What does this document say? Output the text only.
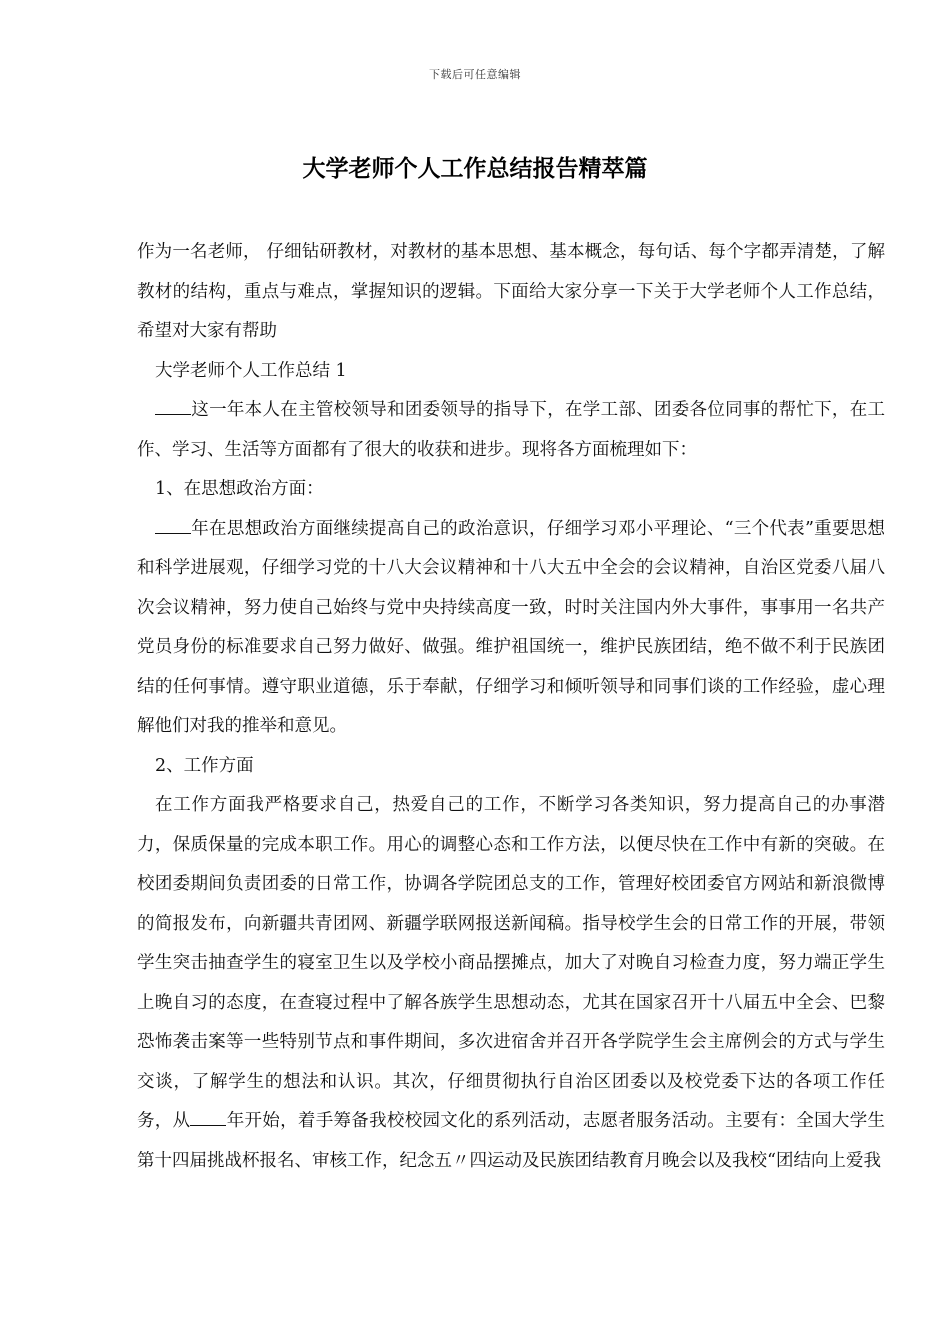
下载后可任意编辑
大学老师个人工作总结报告精萃篇

作为一名老师， 仔细钻研教材，对教材的基本思想、基本概念，每句话、每个字都弄清楚，了解教材的结构，重点与难点，掌握知识的逻辑。下面给大家分享一下关于大学老师个人工作总结，希望对大家有帮助

大学老师个人工作总结 1

这一年本人在主管校领导和团委领导的指导下，在学工部、团委各位同事的帮忙下，在工作、学习、生活等方面都有了很大的收获和进步。现将各方面梳理如下：

1、在思想政治方面：

年在思想政治方面继续提高自己的政治意识，仔细学习邓小平理论、“三个代表”重要思想和科学进展观，仔细学习党的十八大会议精神和十八大五中全会的会议精神，自治区党委八届八次会议精神，努力使自己始终与党中央持续高度一致，时时关注国内外大事件，事事用一名共产党员身份的标准要求自己努力做好、做强。维护祖国统一，维护民族团结，绝不做不利于民族团结的任何事情。遵守职业道德，乐于奉献，仔细学习和倾听领导和同事们谈的工作经验，虚心理解他们对我的推举和意见。

2、工作方面

在工作方面我严格要求自己，热爱自己的工作，不断学习各类知识，努力提高自己的办事潜力，保质保量的完成本职工作。用心的调整心态和工作方法，以便尽快在工作中有新的突破。在校团委期间负责团委的日常工作，协调各学院团总支的工作，管理好校团委官方网站和新浪微博的简报发布，向新疆共青团网、新疆学联网报送新闻稿。指导校学生会的日常工作的开展，带领学生突击抽查学生的寝室卫生以及学校小商品摆摊点，加大了对晚自习检查力度，努力端正学生上晚自习的态度，在查寝过程中了解各族学生思想动态，尤其在国家召开十八届五中全会、巴黎恐怖袭击案等一些特别节点和事件期间，多次进宿舍并召开各学院学生会主席例会的方式与学生交谈，了解学生的想法和认识。其次，仔细贯彻执行自治区团委以及校党委下达的各项工作任务，从 年开始，着手筹备我校校园文化的系列活动，志愿者服务活动。主要有：全国大学生第十四届挑战杯报名、审核工作，纪念五〃四运动及民族团结教育月晚会以及我校“团结向上爱我
